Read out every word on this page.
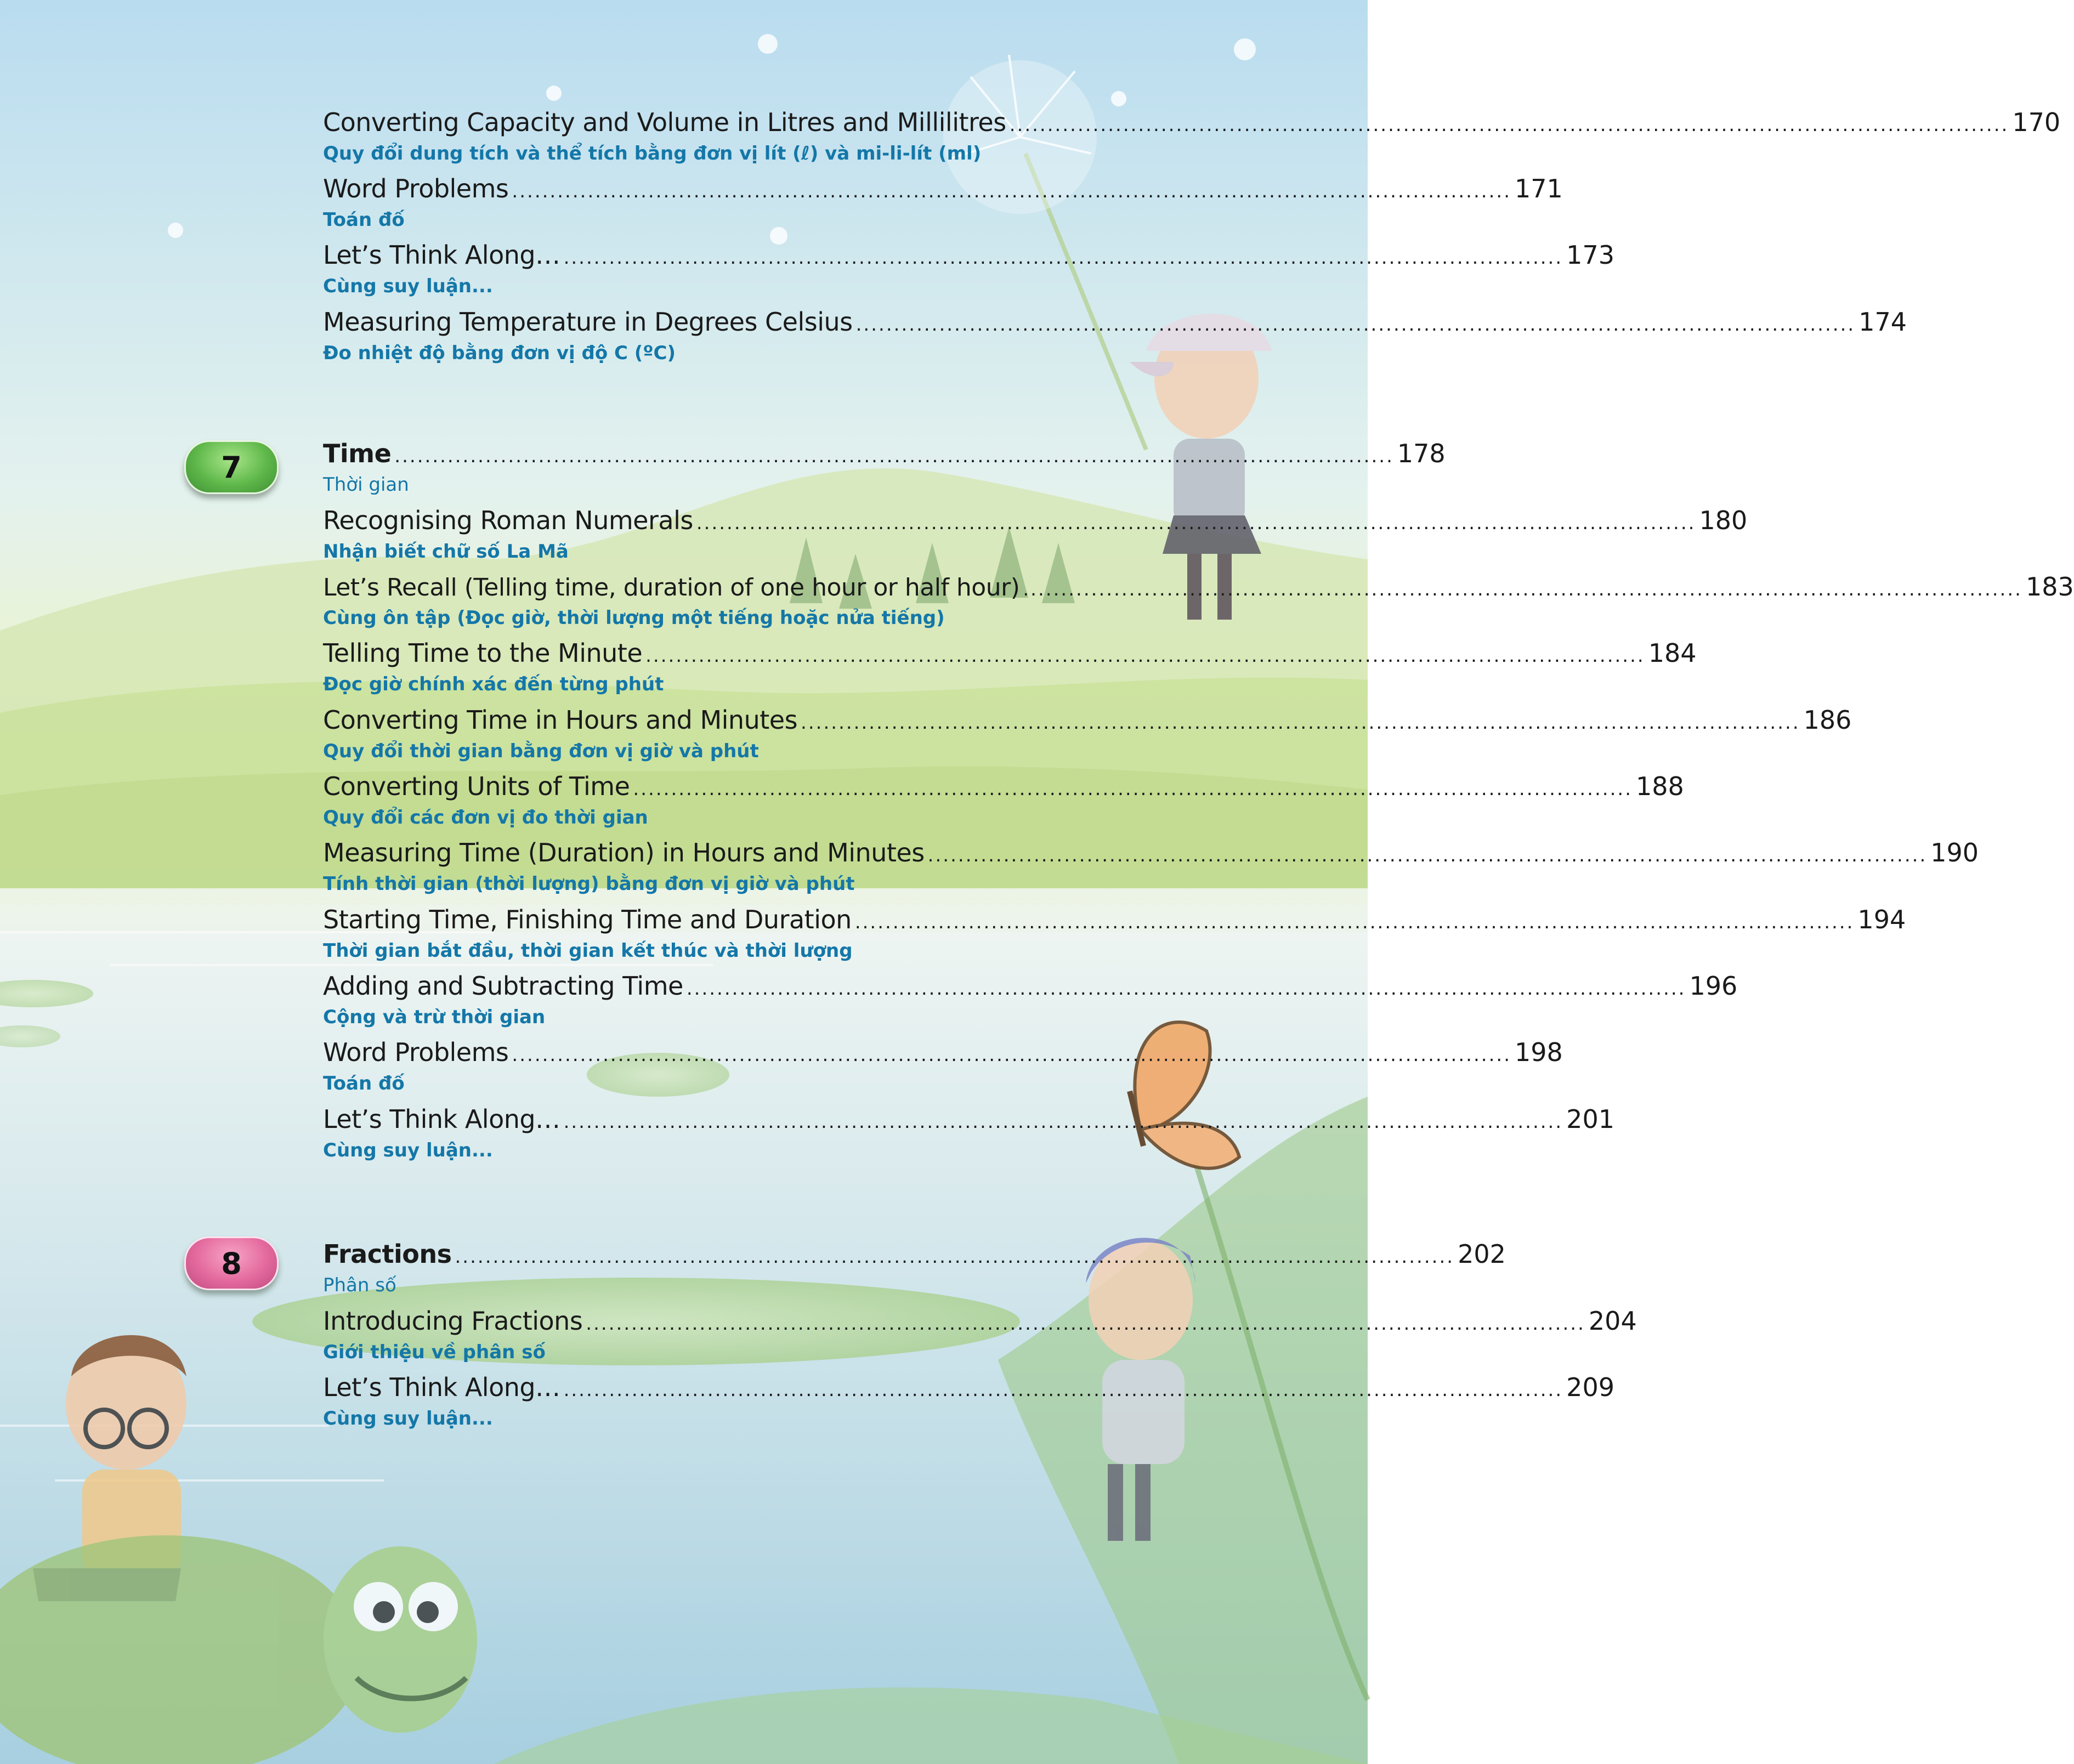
7
8
Converting Capacity and Volume in Litres and Millilitres .................................................................................................................................... 170
Quy đổi dung tích và thể tích bằng đơn vị lít (ℓ) và mi-li-lít (ml)
Word Problems .................................................................................................................................... 171
Toán đố
Let’s Think Along… .................................................................................................................................... 173
Cùng suy luận...
Measuring Temperature in Degrees Celsius .................................................................................................................................... 174
Đo nhiệt độ bằng đơn vị độ C (ºC)
Time .................................................................................................................................... 178
Thời gian
Recognising Roman Numerals .................................................................................................................................... 180
Nhận biết chữ số La Mã
Let’s Recall (Telling time, duration of one hour or half hour) .................................................................................................................................... 183
Cùng ôn tập (Đọc giờ, thời lượng một tiếng hoặc nửa tiếng)
Telling Time to the Minute .................................................................................................................................... 184
Đọc giờ chính xác đến từng phút
Converting Time in Hours and Minutes .................................................................................................................................... 186
Quy đổi thời gian bằng đơn vị giờ và phút
Converting Units of Time .................................................................................................................................... 188
Quy đổi các đơn vị đo thời gian
Measuring Time (Duration) in Hours and Minutes .................................................................................................................................... 190
Tính thời gian (thời lượng) bằng đơn vị giờ và phút
Starting Time, Finishing Time and Duration .................................................................................................................................... 194
Thời gian bắt đầu, thời gian kết thúc và thời lượng
Adding and Subtracting Time .................................................................................................................................... 196
Cộng và trừ thời gian
Word Problems .................................................................................................................................... 198
Toán đố
Let’s Think Along… .................................................................................................................................... 201
Cùng suy luận...
Fractions .................................................................................................................................... 202
Phân số
Introducing Fractions .................................................................................................................................... 204
Giới thiệu về phân số
Let’s Think Along… .................................................................................................................................... 209
Cùng suy luận...
